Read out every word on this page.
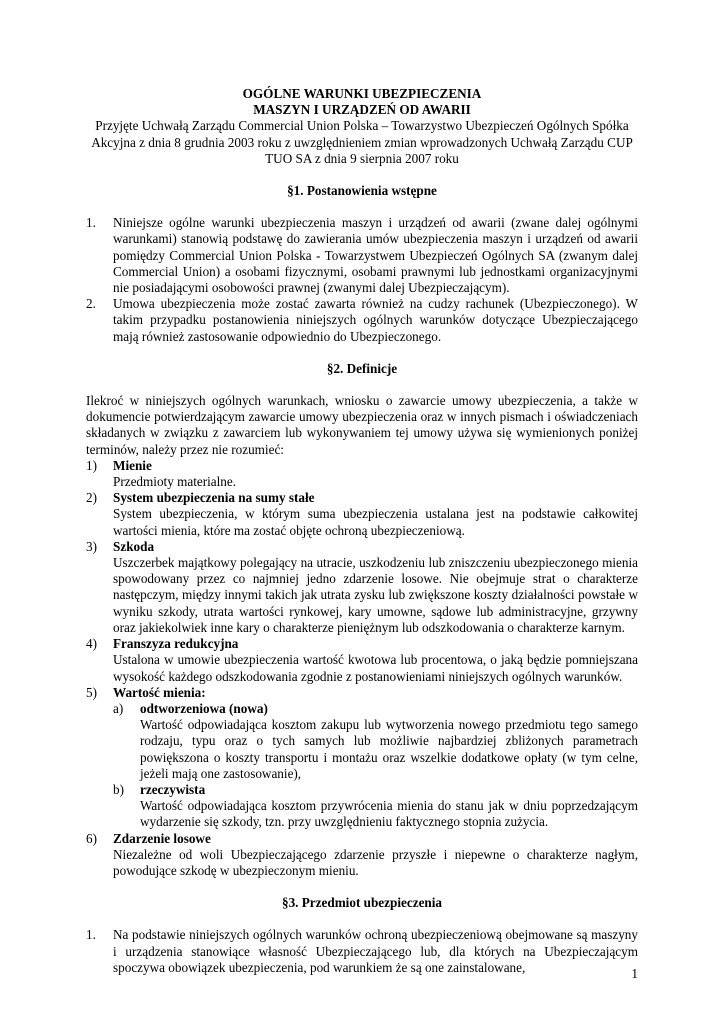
OGÓLNE WARUNKI UBEZPIECZENIA
MASZYN I URZĄDZEŃ OD AWARII
Przyjęte Uchwałą Zarządu Commercial Union Polska – Towarzystwo Ubezpieczeń Ogólnych Spółka Akcyjna z dnia 8 grudnia 2003 roku z uwzględnieniem zmian wprowadzonych Uchwałą Zarządu CUP TUO SA z dnia 9 sierpnia 2007 roku
§1. Postanowienia wstępne
1.	Niniejsze ogólne warunki ubezpieczenia maszyn i urządzeń od awarii (zwane dalej ogólnymi warunkami) stanowią podstawę do zawierania umów ubezpieczenia maszyn i urządzeń od awarii pomiędzy Commercial Union Polska - Towarzystwem Ubezpieczeń Ogólnych SA (zwanym dalej Commercial Union) a osobami fizycznymi, osobami prawnymi lub jednostkami organizacyjnymi nie posiadającymi osobowości prawnej (zwanymi dalej Ubezpieczającym).
2.	Umowa ubezpieczenia może zostać zawarta również na cudzy rachunek (Ubezpieczonego). W takim przypadku postanowienia niniejszych ogólnych warunków dotyczące Ubezpieczającego mają również zastosowanie odpowiednio do Ubezpieczonego.
§2. Definicje
Ilekroć w niniejszych ogólnych warunkach, wniosku o zawarcie umowy ubezpieczenia, a także w dokumencie potwierdzającym zawarcie umowy ubezpieczenia oraz w innych pismach i oświadczeniach składanych w związku z zawarciem lub wykonywaniem tej umowy używa się wymienionych poniżej terminów, należy przez nie rozumieć:
1)	Mienie
Przedmioty materialne.
2)	System ubezpieczenia na sumy stałe
System ubezpieczenia, w którym suma ubezpieczenia ustalana jest na podstawie całkowitej wartości mienia, które ma zostać objęte ochroną ubezpieczeniową.
3)	Szkoda
Uszczerbek majątkowy polegający na utracie, uszkodzeniu lub zniszczeniu ubezpieczonego mienia spowodowany przez co najmniej jedno zdarzenie losowe. Nie obejmuje strat o charakterze następczym, między innymi takich jak utrata zysku lub zwiększone koszty działalności powstałe w wyniku szkody, utrata wartości rynkowej, kary umowne, sądowe lub administracyjne, grzywny oraz jakiekolwiek inne kary o charakterze pieniężnym lub odszkodowania o charakterze karnym.
4)	Franszyza redukcyjna
Ustalona w umowie ubezpieczenia wartość kwotowa lub procentowa, o jaką będzie pomniejszana wysokość każdego odszkodowania zgodnie z postanowieniami niniejszych ogólnych warunków.
5)	Wartość mienia:
a)	odtworzeniowa (nowa)
Wartość odpowiadająca kosztom zakupu lub wytworzenia nowego przedmiotu tego samego rodzaju, typu oraz o tych samych lub możliwie najbardziej zbliżonych parametrach powiększona o koszty transportu i montażu oraz wszelkie dodatkowe opłaty (w tym celne, jeżeli mają one zastosowanie),
b)	rzeczywista
Wartość odpowiadająca kosztom przywrócenia mienia do stanu jak w dniu poprzedzającym wydarzenie się szkody, tzn. przy uwzględnieniu faktycznego stopnia zużycia.
6)	Zdarzenie losowe
Niezależne od woli Ubezpieczającego zdarzenie przyszłe i niepewne o charakterze nagłym, powodujące szkodę w ubezpieczonym mieniu.
§3. Przedmiot ubezpieczenia
1.	Na podstawie niniejszych ogólnych warunków ochroną ubezpieczeniową obejmowane są maszyny i urządzenia stanowiące własność Ubezpieczającego lub, dla których na Ubezpieczającym spoczywa obowiązek ubezpieczenia, pod warunkiem że są one zainstalowane,	1
